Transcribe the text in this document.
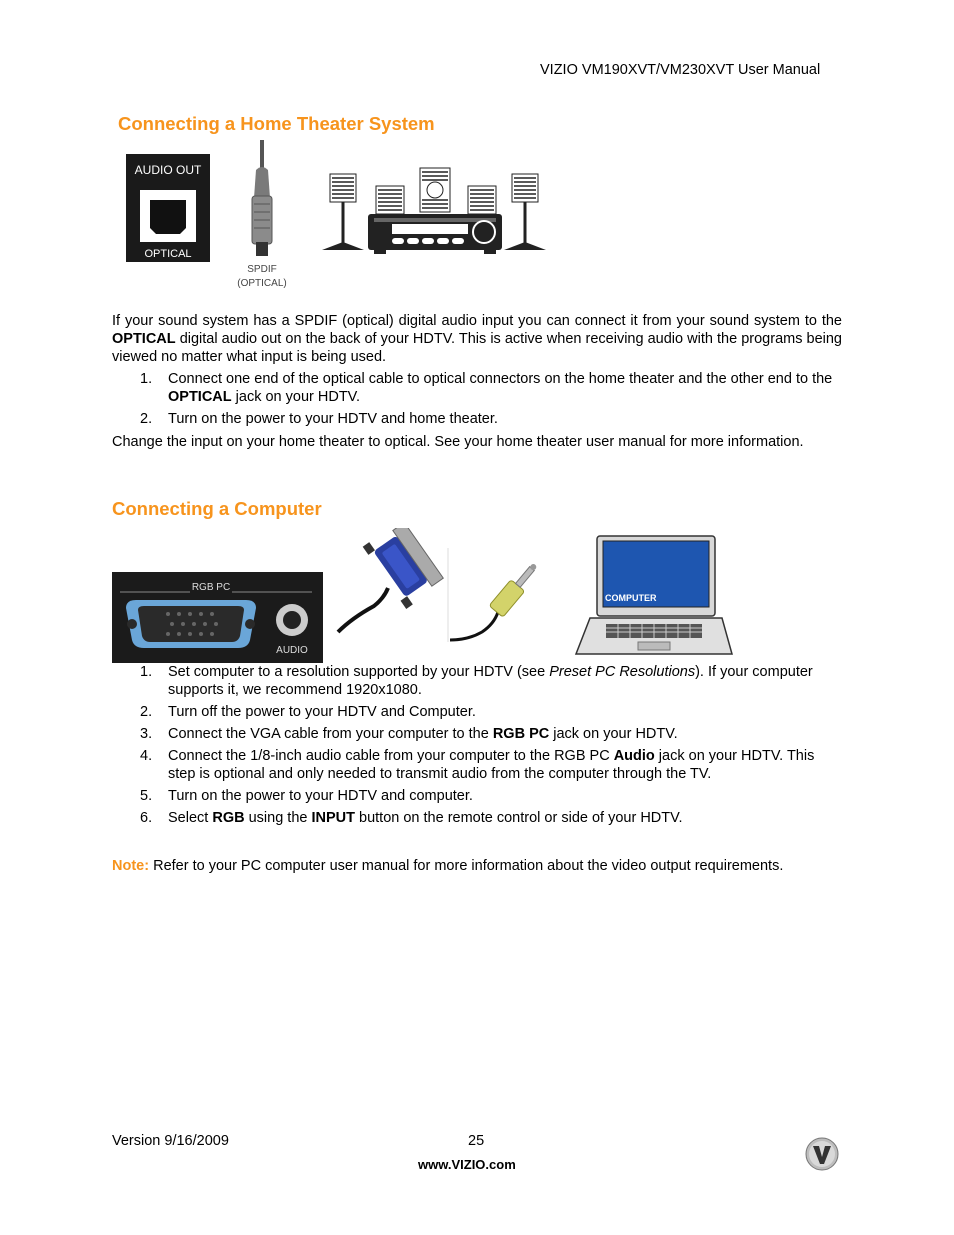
VIZIO VM190XVT/VM230XVT User Manual
Connecting a Home Theater System
AUDIO OUT
OPTICAL
SPDIF
(OPTICAL)

If your sound system has a SPDIF (optical) digital audio input you can connect it from your sound system to the OPTICAL digital audio out on the back of your HDTV. This is active when receiving audio with the programs being viewed no matter what input is being used.

1. Connect one end of the optical cable to optical connectors on the home theater and the other end to the OPTICAL jack on your HDTV.
2. Turn on the power to your HDTV and home theater.

Change the input on your home theater to optical. See your home theater user manual for more information.

Connecting a Computer
RGB PC
AUDIO
COMPUTER
1. Set computer to a resolution supported by your HDTV (see Preset PC Resolutions). If your computer supports it, we recommend 1920x1080.
2. Turn off the power to your HDTV and Computer.
3. Connect the VGA cable from your computer to the RGB PC jack on your HDTV.
4. Connect the 1/8-inch audio cable from your computer to the RGB PC Audio jack on your HDTV. This step is optional and only needed to transmit audio from the computer through the TV.
5. Turn on the power to your HDTV and computer.
6. Select RGB using the INPUT button on the remote control or side of your HDTV.

Note: Refer to your PC computer user manual for more information about the video output requirements.

Version 9/16/2009	25
www.VIZIO.com
